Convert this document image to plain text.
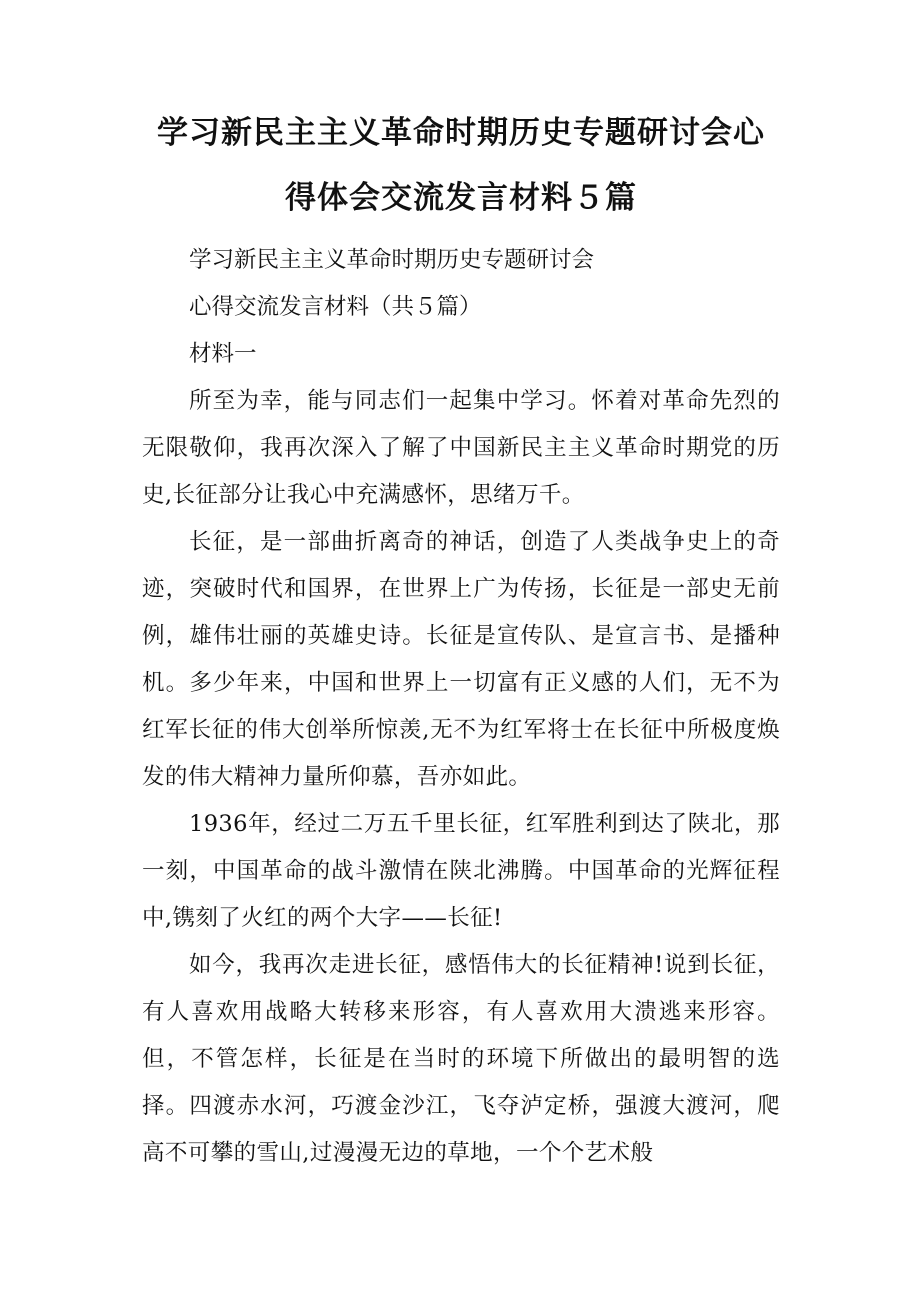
学习新民主主义革命时期历史专题研讨会心
得体会交流发言材料５篇

学习新民主主义革命时期历史专题研讨会

心得交流发言材料（共５篇）

材料一

所至为幸，能与同志们一起集中学习。怀着对革命先烈的无限敬仰，我再次深入了解了中国新民主主义革命时期党的历史,长征部分让我心中充满感怀，思绪万千。

长征，是一部曲折离奇的神话，创造了人类战争史上的奇迹，突破时代和国界，在世界上广为传扬，长征是一部史无前例，雄伟壮丽的英雄史诗。长征是宣传队、是宣言书、是播种机。多少年来，中国和世界上一切富有正义感的人们，无不为红军长征的伟大创举所惊羡,无不为红军将士在长征中所极度焕发的伟大精神力量所仰慕，吾亦如此。

1936年，经过二万五千里长征，红军胜利到达了陕北，那一刻，中国革命的战斗激情在陕北沸腾。中国革命的光辉征程中,镌刻了火红的两个大字——长征!

如今，我再次走进长征，感悟伟大的长征精神!说到长征，有人喜欢用战略大转移来形容，有人喜欢用大溃逃来形容。但，不管怎样，长征是在当时的环境下所做出的最明智的选择。四渡赤水河，巧渡金沙江，飞夺泸定桥，强渡大渡河，爬高不可攀的雪山,过漫漫无边的草地，一个个艺术般
